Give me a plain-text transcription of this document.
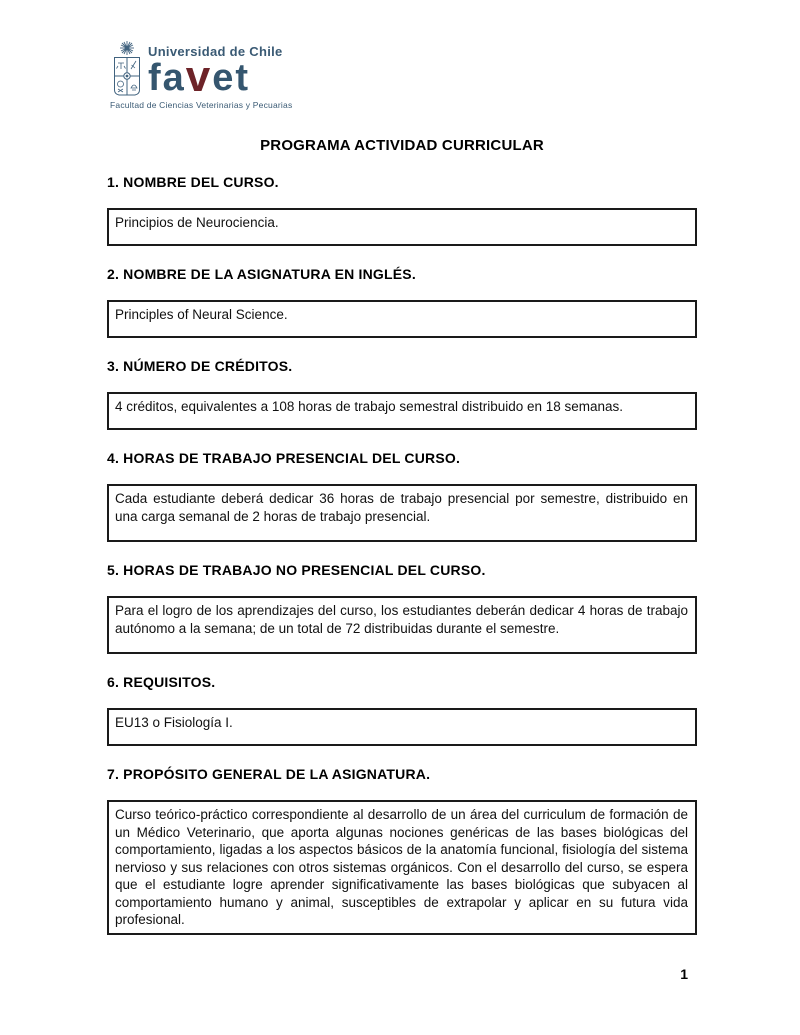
Universidad de Chile
favet
Facultad de Ciencias Veterinarias y Pecuarias
PROGRAMA ACTIVIDAD CURRICULAR
1. NOMBRE DEL CURSO.
Principios de Neurociencia.
2. NOMBRE DE LA ASIGNATURA EN INGLÉS.
Principles of Neural Science.
3. NÚMERO DE CRÉDITOS.
4 créditos, equivalentes a 108 horas de trabajo semestral distribuido en 18 semanas.
4. HORAS DE TRABAJO PRESENCIAL DEL CURSO.
Cada estudiante deberá dedicar 36 horas de trabajo presencial por semestre, distribuido en una carga semanal de 2 horas de trabajo presencial.
5. HORAS DE TRABAJO NO PRESENCIAL DEL CURSO.
Para el logro de los aprendizajes del curso, los estudiantes deberán dedicar 4 horas de trabajo autónomo a la semana; de un total de 72 distribuidas durante el semestre.
6. REQUISITOS.
EU13 o Fisiología I.
7. PROPÓSITO GENERAL DE LA ASIGNATURA.
Curso teórico-práctico correspondiente al desarrollo de un área del curriculum de formación de un Médico Veterinario, que aporta algunas nociones genéricas de las bases biológicas del comportamiento, ligadas a los aspectos básicos de la anatomía funcional, fisiología del sistema nervioso y sus relaciones con otros sistemas orgánicos. Con el desarrollo del curso, se espera que el estudiante logre aprender significativamente las bases biológicas que subyacen al comportamiento humano y animal, susceptibles de extrapolar y aplicar en su futura vida profesional.
1
